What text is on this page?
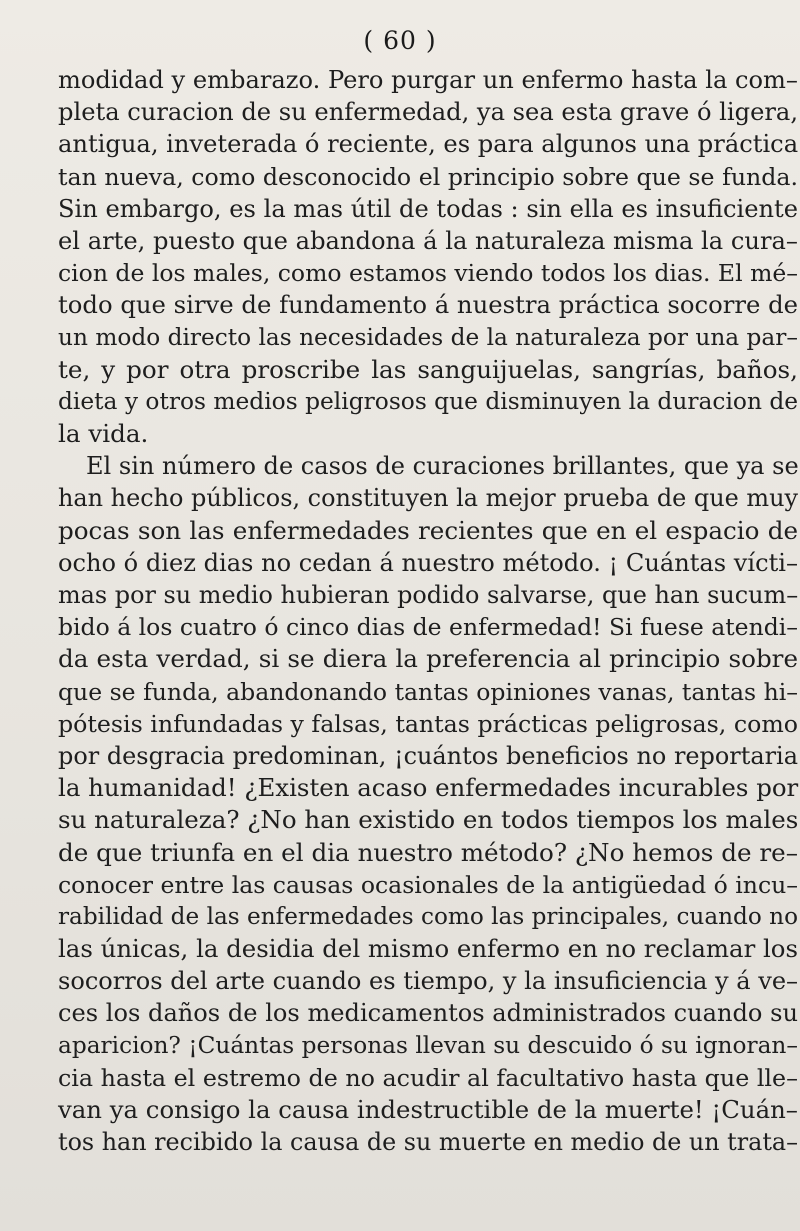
( 60 )
modidad y embarazo. Pero purgar un enfermo hasta la com–
pleta curacion de su enfermedad, ya sea esta grave ó ligera,
antigua, inveterada ó reciente, es para algunos una práctica
tan nueva, como desconocido el principio sobre que se funda.
Sin embargo, es la mas útil de todas : sin ella es insuficiente
el arte, puesto que abandona á la naturaleza misma la cura–
cion de los males, como estamos viendo todos los dias. El mé–
todo que sirve de fundamento á nuestra práctica socorre de
un modo directo las necesidades de la naturaleza por una par–
te, y por otra proscribe las sanguijuelas, sangrías, baños,
dieta y otros medios peligrosos que disminuyen la duracion de
la vida.
El sin número de casos de curaciones brillantes, que ya se
han hecho públicos, constituyen la mejor prueba de que muy
pocas son las enfermedades recientes que en el espacio de
ocho ó diez dias no cedan á nuestro método. ¡ Cuántas vícti–
mas por su medio hubieran podido salvarse, que han sucum–
bido á los cuatro ó cinco dias de enfermedad! Si fuese atendi–
da esta verdad, si se diera la preferencia al principio sobre
que se funda, abandonando tantas opiniones vanas, tantas hi–
pótesis infundadas y falsas, tantas prácticas peligrosas, como
por desgracia predominan, ¡cuántos beneficios no reportaria
la humanidad! ¿Existen acaso enfermedades incurables por
su naturaleza? ¿No han existido en todos tiempos los males
de que triunfa en el dia nuestro método? ¿No hemos de re–
conocer entre las causas ocasionales de la antigüedad ó incu–
rabilidad de las enfermedades como las principales, cuando no
las únicas, la desidia del mismo enfermo en no reclamar los
socorros del arte cuando es tiempo, y la insuficiencia y á ve–
ces los daños de los medicamentos administrados cuando su
aparicion? ¡Cuántas personas llevan su descuido ó su ignoran–
cia hasta el estremo de no acudir al facultativo hasta que lle–
van ya consigo la causa indestructible de la muerte! ¡Cuán–
tos han recibido la causa de su muerte en medio de un trata–
